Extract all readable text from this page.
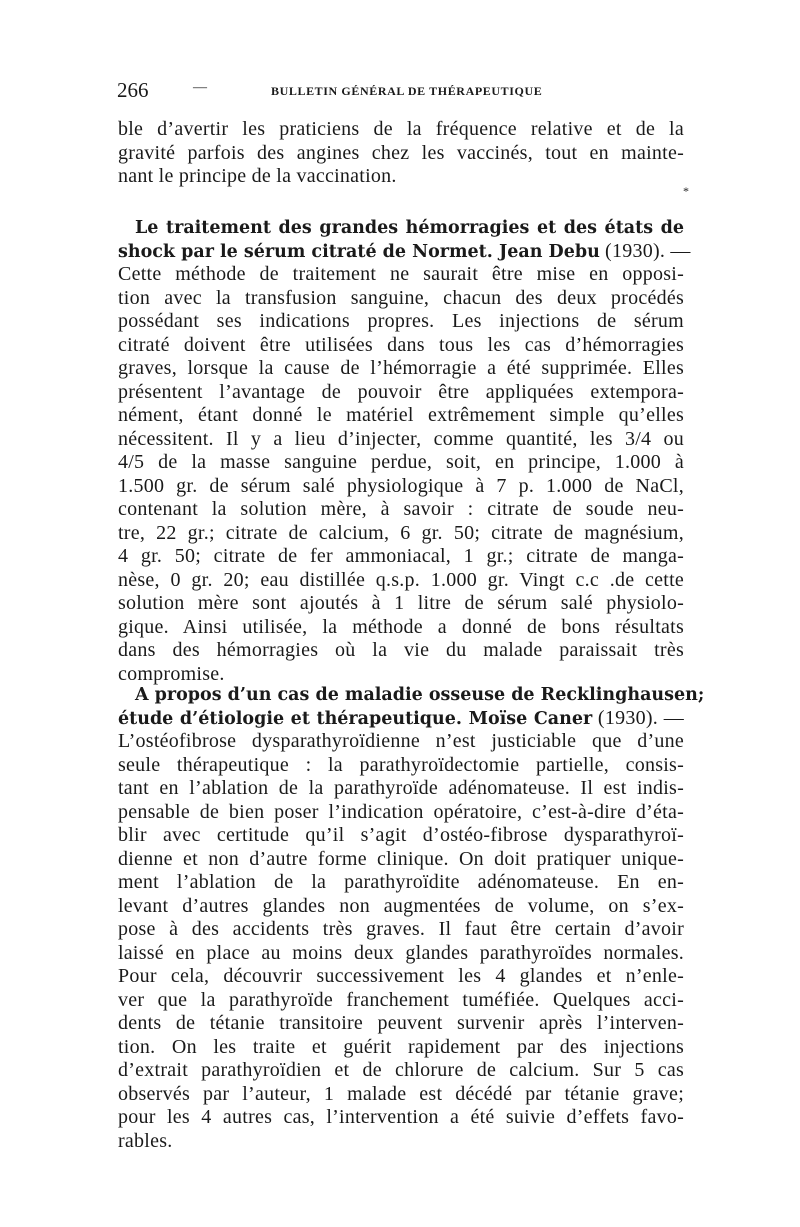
266	—	BULLETIN GÉNÉRAL DE THÉRAPEUTIQUE
ble d’avertir les praticiens de la fréquence relative et de la
gravité parfois des angines chez les vaccinés, tout en mainte-
nant le principe de la vaccination.
*
Le traitement des grandes hémorragies et des états de
shock par le sérum citraté de Normet. Jean Debu (1930). —
Cette méthode de traitement ne saurait être mise en opposi-
tion avec la transfusion sanguine, chacun des deux procédés
possédant ses indications propres. Les injections de sérum
citraté doivent être utilisées dans tous les cas d’hémorragies
graves, lorsque la cause de l’hémorragie a été supprimée. Elles
présentent l’avantage de pouvoir être appliquées extempora-
nément, étant donné le matériel extrêmement simple qu’elles
nécessitent. Il y a lieu d’injecter, comme quantité, les 3/4 ou
4/5 de la masse sanguine perdue, soit, en principe, 1.000 à
1.500 gr. de sérum salé physiologique à 7 p. 1.000 de NaCl,
contenant la solution mère, à savoir : citrate de soude neu-
tre, 22 gr.; citrate de calcium, 6 gr. 50; citrate de magnésium,
4 gr. 50; citrate de fer ammoniacal, 1 gr.; citrate de manga-
nèse, 0 gr. 20; eau distillée q.s.p. 1.000 gr. Vingt c.c .de cette
solution mère sont ajoutés à 1 litre de sérum salé physiolo-
gique. Ainsi utilisée, la méthode a donné de bons résultats
dans des hémorragies où la vie du malade paraissait très
compromise.
A propos d’un cas de maladie osseuse de Recklinghausen;
étude d’étiologie et thérapeutique. Moïse Caner (1930). —
L’ostéofibrose dysparathyroïdienne n’est justiciable que d’une
seule thérapeutique : la parathyroïdectomie partielle, consis-
tant en l’ablation de la parathyroïde adénomateuse. Il est indis-
pensable de bien poser l’indication opératoire, c’est-à-dire d’éta-
blir avec certitude qu’il s’agit d’ostéo-fibrose dysparathyroï-
dienne et non d’autre forme clinique. On doit pratiquer unique-
ment l’ablation de la parathyroïdite adénomateuse. En en-
levant d’autres glandes non augmentées de volume, on s’ex-
pose à des accidents très graves. Il faut être certain d’avoir
laissé en place au moins deux glandes parathyroïdes normales.
Pour cela, découvrir successivement les 4 glandes et n’enle-
ver que la parathyroïde franchement tuméfiée. Quelques acci-
dents de tétanie transitoire peuvent survenir après l’interven-
tion. On les traite et guérit rapidement par des injections
d’extrait parathyroïdien et de chlorure de calcium. Sur 5 cas
observés par l’auteur, 1 malade est décédé par tétanie grave;
pour les 4 autres cas, l’intervention a été suivie d’effets favo-
rables.
